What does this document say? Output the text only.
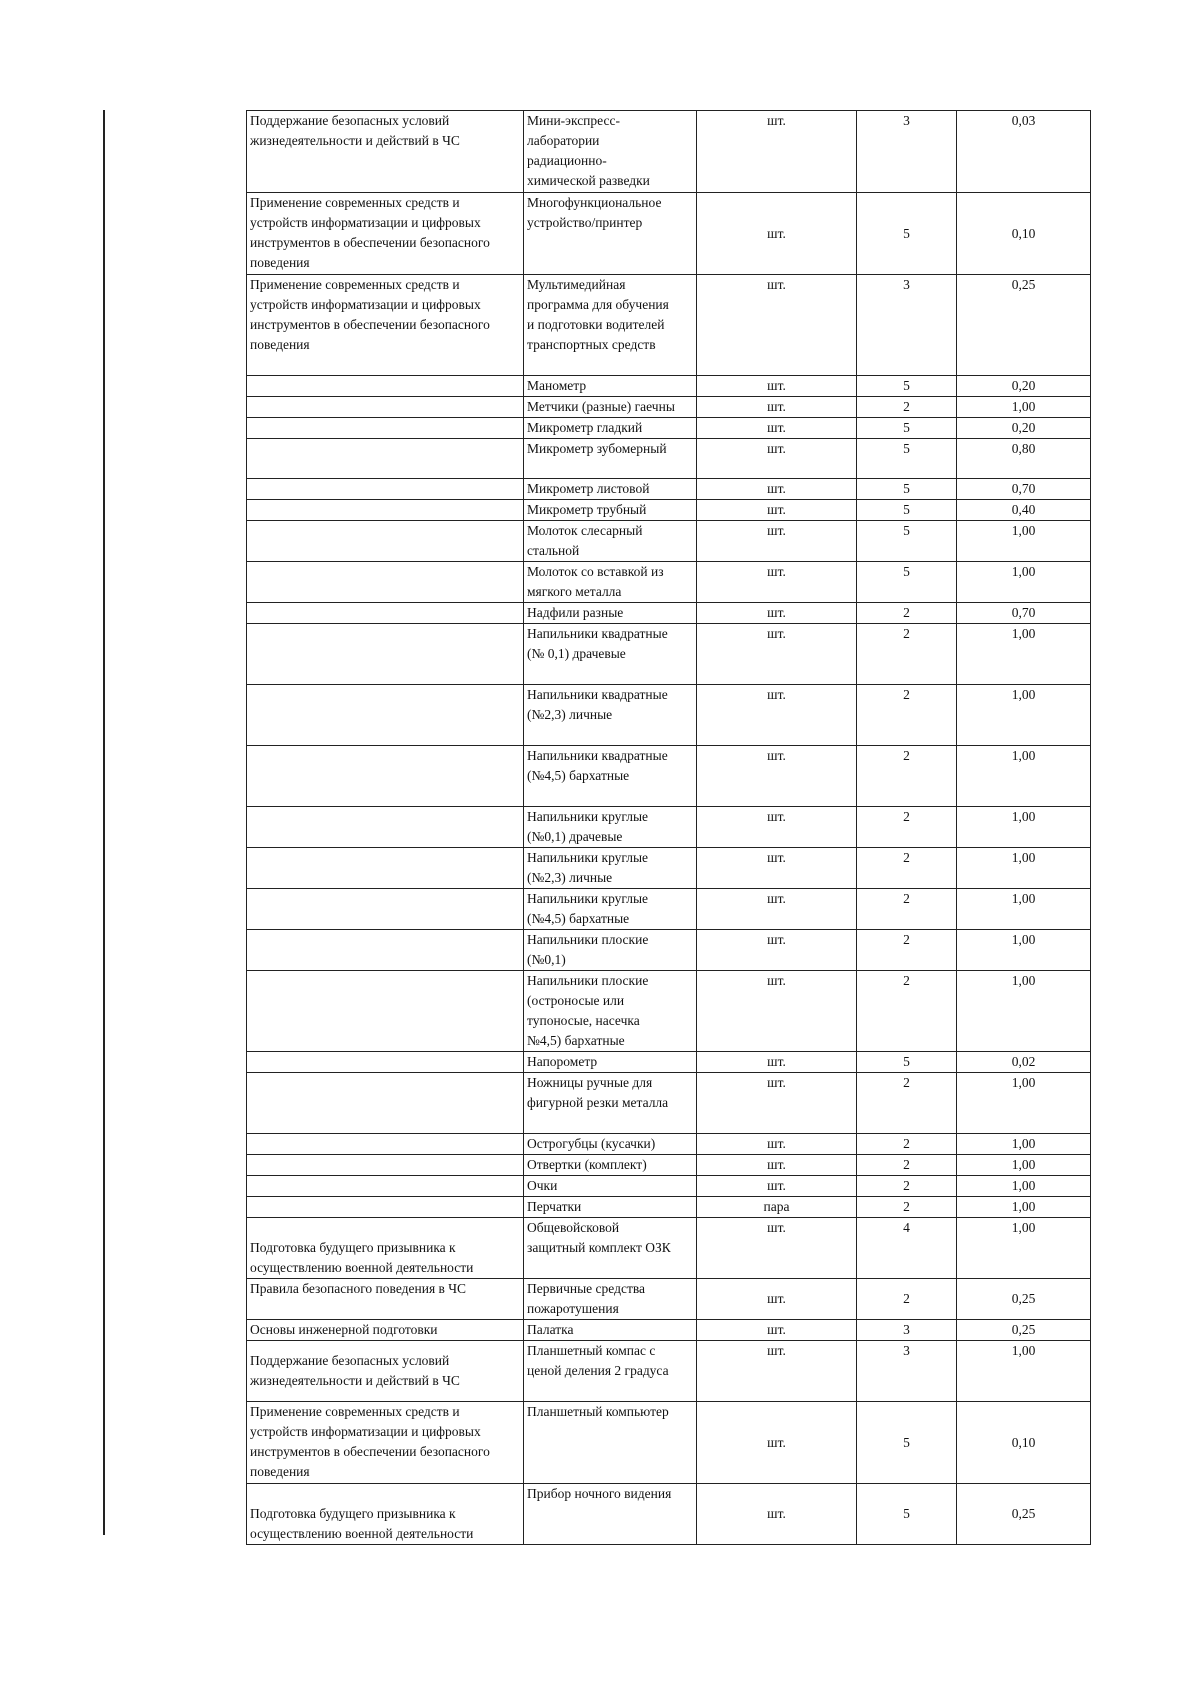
Поддержание безопасных условий жизнедеятельности и действий в ЧС	Мини-экспресс-
лаборатории
радиационно-
химической разведки	шт.	3	0,03
Применение современных средств и устройств информатизации и цифровых инструментов в обеспечении безопасного поведения	Многофункциональное
устройство/принтер	шт.	5	0,10
Применение современных средств и устройств информатизации и цифровых инструментов в обеспечении безопасного поведения	Мультимедийная
программа для обучения
и подготовки водителей
транспортных средств	шт.	3	0,25
	Манометр	шт.	5	0,20
	Метчики (разные) гаечны	шт.	2	1,00
	Микрометр гладкий	шт.	5	0,20
	Микрометр зубомерный	шт.	5	0,80
	Микрометр листовой	шт.	5	0,70
	Микрометр трубный	шт.	5	0,40
	Молоток слесарный
стальной	шт.	5	1,00
	Молоток со вставкой из
мягкого металла	шт.	5	1,00
	Надфили разные	шт.	2	0,70
	Напильники квадратные
(№ 0,1) драчевые	шт.	2	1,00
	Напильники квадратные
(№2,3) личные	шт.	2	1,00
	Напильники квадратные
(№4,5) бархатные	шт.	2	1,00
	Напильники круглые
(№0,1) драчевые	шт.	2	1,00
	Напильники круглые
(№2,3) личные	шт.	2	1,00
	Напильники круглые
(№4,5) бархатные	шт.	2	1,00
	Напильники плоские
(№0,1)	шт.	2	1,00
	Напильники плоские
(остроносые или
тупоносые, насечка
№4,5) бархатные	шт.	2	1,00
	Напорометр	шт.	5	0,02
	Ножницы ручные для
фигурной резки металла	шт.	2	1,00
	Острогубцы (кусачки)	шт.	2	1,00
	Отвертки (комплект)	шт.	2	1,00
	Очки	шт.	2	1,00
	Перчатки	пара	2	1,00
Подготовка будущего призывника к осуществлению военной деятельности	Общевойсковой
защитный комплект ОЗК	шт.	4	1,00
Правила безопасного поведения в ЧС	Первичные средства
пожаротушения	шт.	2	0,25
Основы инженерной подготовки	Палатка	шт.	3	0,25
Поддержание безопасных условий жизнедеятельности и действий в ЧС	Планшетный компас с
ценой деления 2 градуса	шт.	3	1,00
Применение современных средств и устройств информатизации и цифровых инструментов в обеспечении безопасного поведения	Планшетный компьютер	шт.	5	0,10
Подготовка будущего призывника к осуществлению военной деятельности	Прибор ночного видения	шт.	5	0,25
